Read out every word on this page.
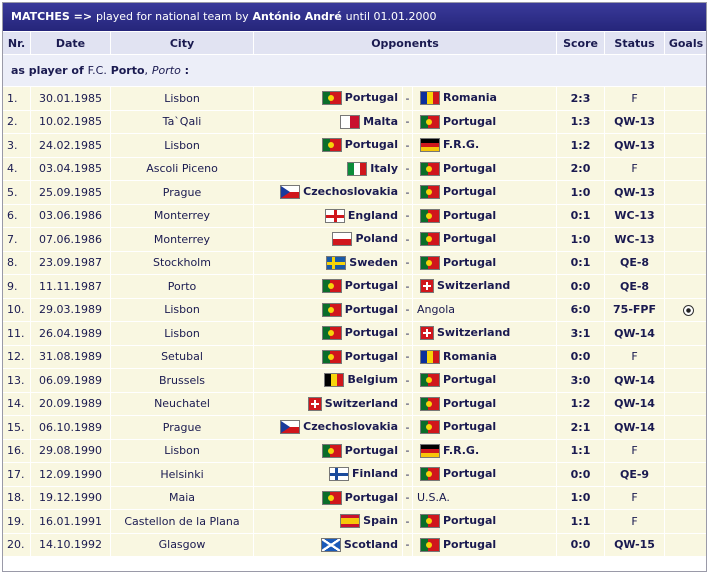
MATCHES => played for national team by António André until 01.01.2000
Nr.	Date	City	Opponents			Score	Status	Goals
as player of F.C. Porto, Porto :								
1.	30.01.1985	Lisbon	Portugal	-	Romania	2:3	F	
2.	10.02.1985	Ta`Qali	Malta	-	Portugal	1:3	QW-13	
3.	24.02.1985	Lisbon	Portugal	-	F.R.G.	1:2	QW-13	
4.	03.04.1985	Ascoli Piceno	Italy	-	Portugal	2:0	F	
5.	25.09.1985	Prague	Czechoslovakia	-	Portugal	1:0	QW-13	
6.	03.06.1986	Monterrey	England	-	Portugal	0:1	WC-13	
7.	07.06.1986	Monterrey	Poland	-	Portugal	1:0	WC-13	
8.	23.09.1987	Stockholm	Sweden	-	Portugal	0:1	QE-8	
9.	11.11.1987	Porto	Portugal	-	Switzerland	0:0	QE-8	
10.	29.03.1989	Lisbon	Portugal	-	Angola	6:0	75-FPF	
11.	26.04.1989	Lisbon	Portugal	-	Switzerland	3:1	QW-14	
12.	31.08.1989	Setubal	Portugal	-	Romania	0:0	F	
13.	06.09.1989	Brussels	Belgium	-	Portugal	3:0	QW-14	
14.	20.09.1989	Neuchatel	Switzerland	-	Portugal	1:2	QW-14	
15.	06.10.1989	Prague	Czechoslovakia	-	Portugal	2:1	QW-14	
16.	29.08.1990	Lisbon	Portugal	-	F.R.G.	1:1	F	
17.	12.09.1990	Helsinki	Finland	-	Portugal	0:0	QE-9	
18.	19.12.1990	Maia	Portugal	-	U.S.A.	1:0	F	
19.	16.01.1991	Castellon de la Plana	Spain	-	Portugal	1:1	F	
20.	14.10.1992	Glasgow	Scotland	-	Portugal	0:0	QW-15	
